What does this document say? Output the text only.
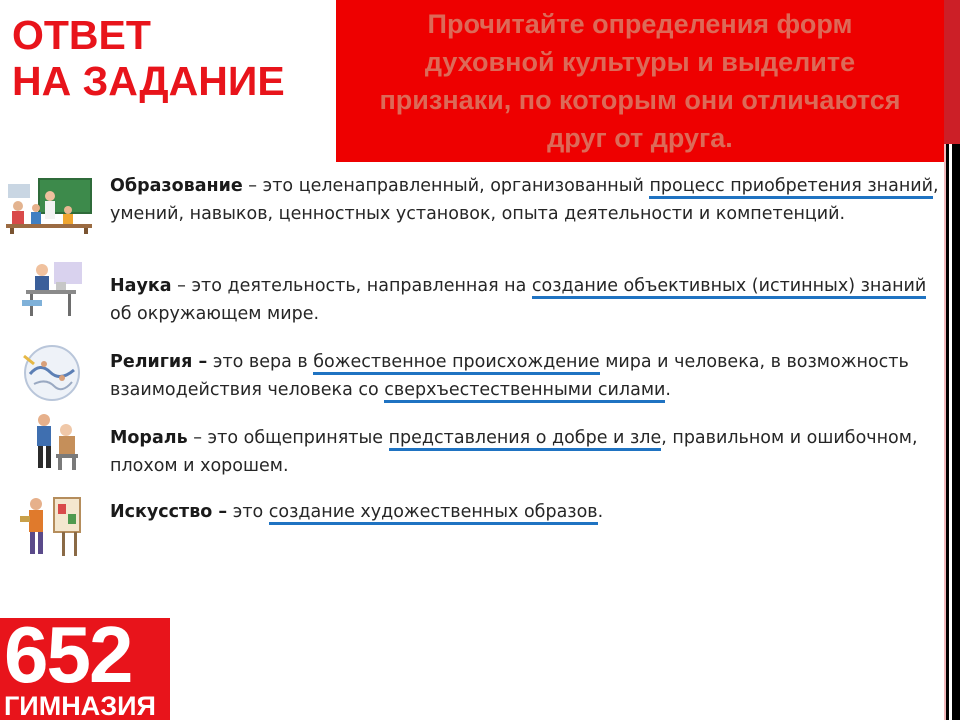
ОТВЕТ
НА ЗАДАНИЕ

Прочитайте определения форм духовной культуры и выделите признаки, по которым они отличаются друг от друга.

Образование – это целенаправленный, организованный процесс приобретения знаний, умений, навыков, ценностных установок, опыта деятельности и компетенций.

Наука – это деятельность, направленная на создание объективных (истинных) знаний об окружающем мире.

Религия – это вера в божественное происхождение мира и человека, в возможность взаимодействия человека со сверхъестественными силами.

Мораль – это общепринятые представления о добре и зле, правильном и ошибочном, плохом и хорошем.

Искусство – это создание художественных образов.

652
ГИМНАЗИЯ
